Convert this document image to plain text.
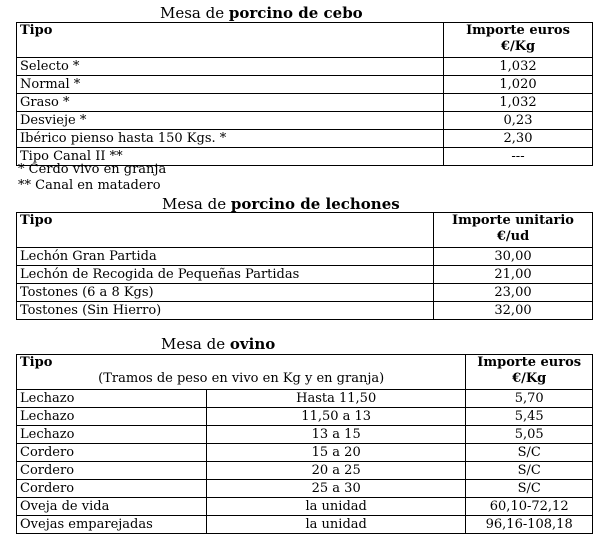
Mesa de porcino de cebo
Tipo	Importe euros
€/Kg
Selecto *	1,032
Normal *	1,020
Graso *	1,032
Desvieje *	0,23
Ibérico pienso hasta 150 Kgs. *	2,30
Tipo Canal II **	---
* Cerdo vivo en granja
** Canal en matadero
Mesa de porcino de lechones
Tipo	Importe unitario
€/ud
Lechón Gran Partida	30,00
Lechón de Recogida de Pequeñas Partidas	21,00
Tostones (6 a 8 Kgs)	23,00
Tostones (Sin Hierro)	32,00
Mesa de ovino
Tipo
(Tramos de peso en vivo en Kg y en granja)		Importe euros
€/Kg
Lechazo	Hasta 11,50	5,70
Lechazo	11,50 a 13	5,45
Lechazo	13 a 15	5,05
Cordero	15 a 20	S/C
Cordero	20 a 25	S/C
Cordero	25 a 30	S/C
Oveja de vida	la unidad	60,10-72,12
Ovejas emparejadas	la unidad	96,16-108,18
